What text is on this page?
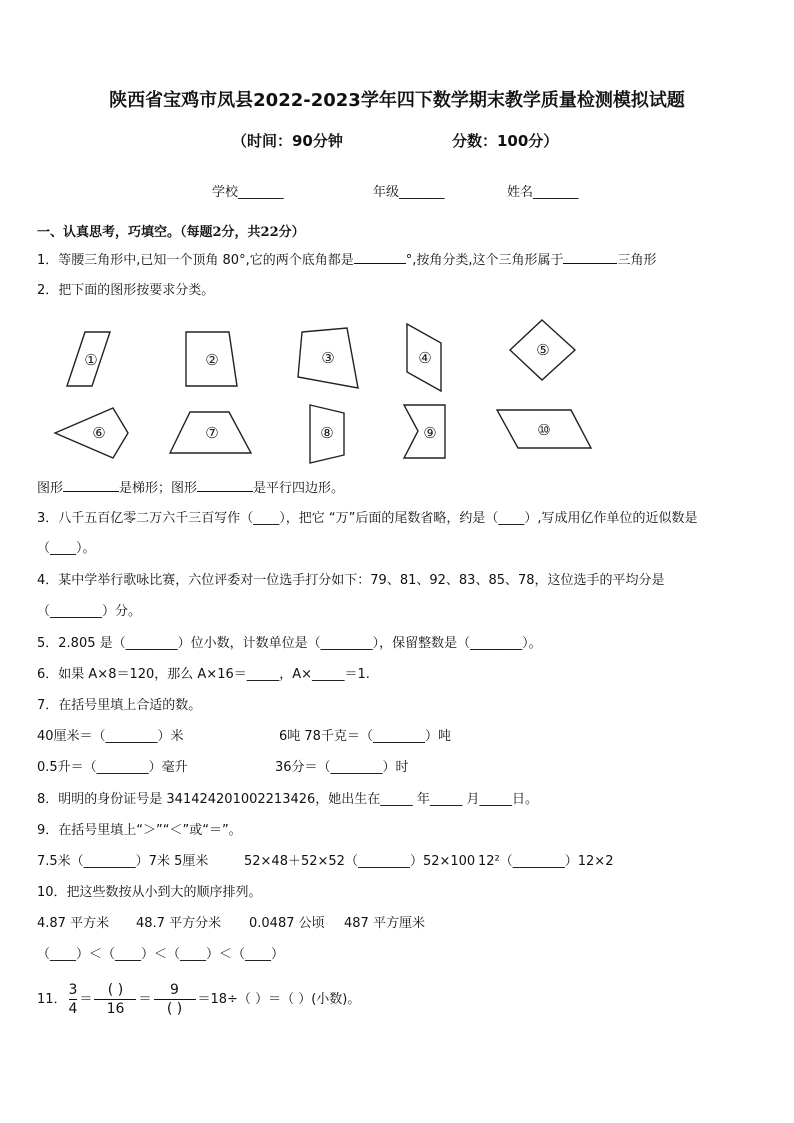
陕西省宝鸡市凤县2022-2023学年四下数学期末教学质量检测模拟试题
（时间：90分钟	分数：100分）
学校_______	年级_______	姓名_______
一、认真思考，巧填空。（每题2分，共22分）
1．等腰三角形中,已知一个顶角 80°,它的两个底角都是	°,按角分类,这个三角形属于	三角形
2．把下面的图形按要求分类。
①	②	③	④	⑤
⑥	⑦	⑧	⑨	⑩
图形	是梯形；图形	是平行四边形。
3．八千五百亿零二万六千三百写作（____），把它 “万”后面的尾数省略，约是（____）,写成用亿作单位的近似数是
（____）。
4．某中学举行歌咏比赛，六位评委对一位选手打分如下：79、81、92、83、85、78，这位选手的平均分是
（________）分。
5．2.805 是（________）位小数，计数单位是（________），保留整数是（________）。
6．如果 A×8＝120，那么 A×16＝_____，A×_____＝1.
7．在括号里填上合适的数。
40厘米＝（________）米	6吨 78千克＝（________）吨
0.5升＝（________）毫升	36分＝（________）时
8．明明的身份证号是 341424201002213426，她出生在_____ 年_____ 月_____日。
9．在括号里填上“＞”“＜”或“＝”。
7.5米（________）7米 5厘米	52×48＋52×52（________）52×100 12²（________）12×2
10．把这些数按从小到大的顺序排列。
4.87 平方米 48.7 平方分米 0.0487 公顷 487 平方厘米
（____）＜（____）＜（____）＜（____）
11． $\frac{3}{4} = \frac{( )}{16} = \frac{9}{( )} =18\div$（ ）＝（ ）(小数)。
